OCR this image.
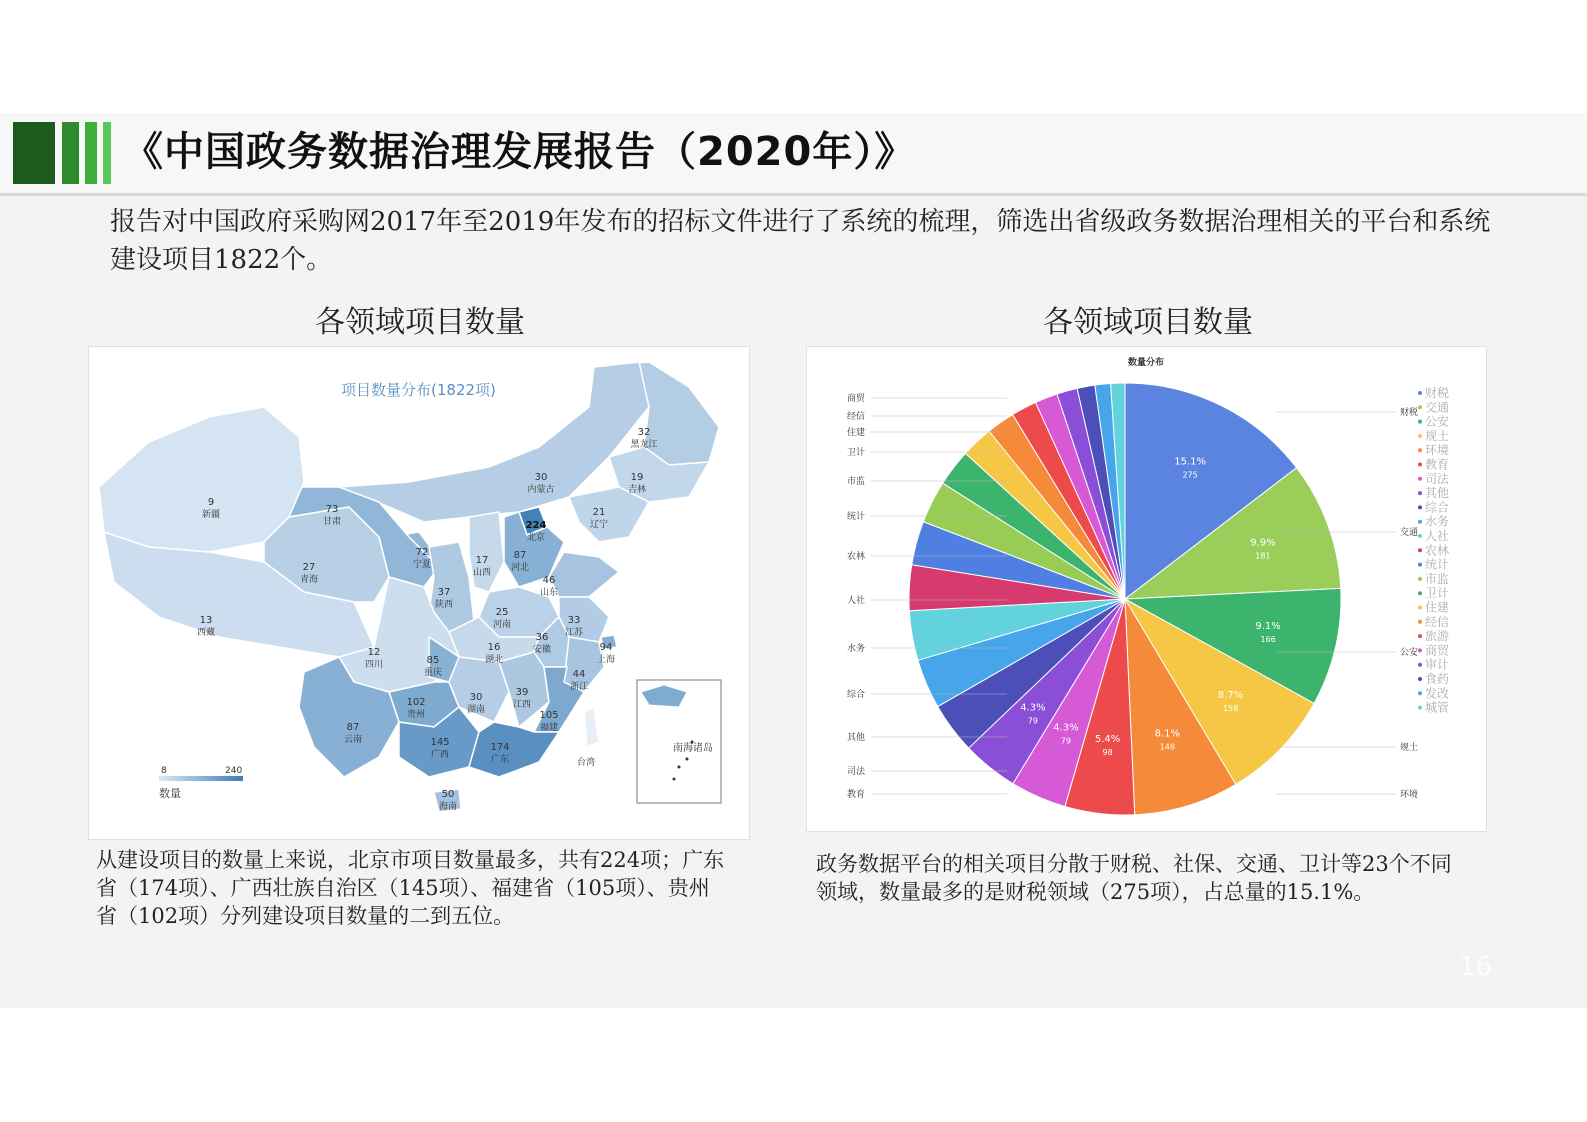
《中国政务数据治理发展报告（2020年）》
报告对中国政府采购网2017年至2019年发布的招标文件进行了系统的梳理，筛选出省级政务数据治理相关的平台和系统建设项目1822个。
各领域项目数量	各领域项目数量
32
黑龙江
19
吉林
21
辽宁
30
内蒙古
224
北京
87
河北
46
山东
17
山西
72
宁夏
73
甘肃
9
新疆
27
青海
13
西藏
37
陕西
25
河南	33
江苏
94
上海
36
安徽
16
湖北
12
四川	85
重庆	44
浙江
102
贵州
30
湖南
39
江西
105
福建
87
云南	145
广西
174
广东
50
海南
台湾
项目数量分布(1822项)
8	240
数量
南海诸岛
数量分布
15.1%
275
9.9%
181
9.1%
166
8.7%
158
8.1%
148
5.4%
98
4.3%
79
4.3%
79
商贸
经信
住建
卫计
市监
统计
农林
人社
水务
综合
其他
司法
教育
财税
交通
公安
规土
环境
财税
交通
公安
规土
环境
教育
司法
其他
综合
水务
人社
农林
统计
市监
卫计
住建
经信
旅游
商贸
审计
食药
发改
城管
从建设项目的数量上来说，北京市项目数量最多，共有224项；广东省（174项）、广西壮族自治区（145项）、福建省（105项）、贵州省（102项）分列建设项目数量的二到五位。
政务数据平台的相关项目分散于财税、社保、交通、卫计等23个不同领域，数量最多的是财税领域（275项），占总量的15.1%。
16
